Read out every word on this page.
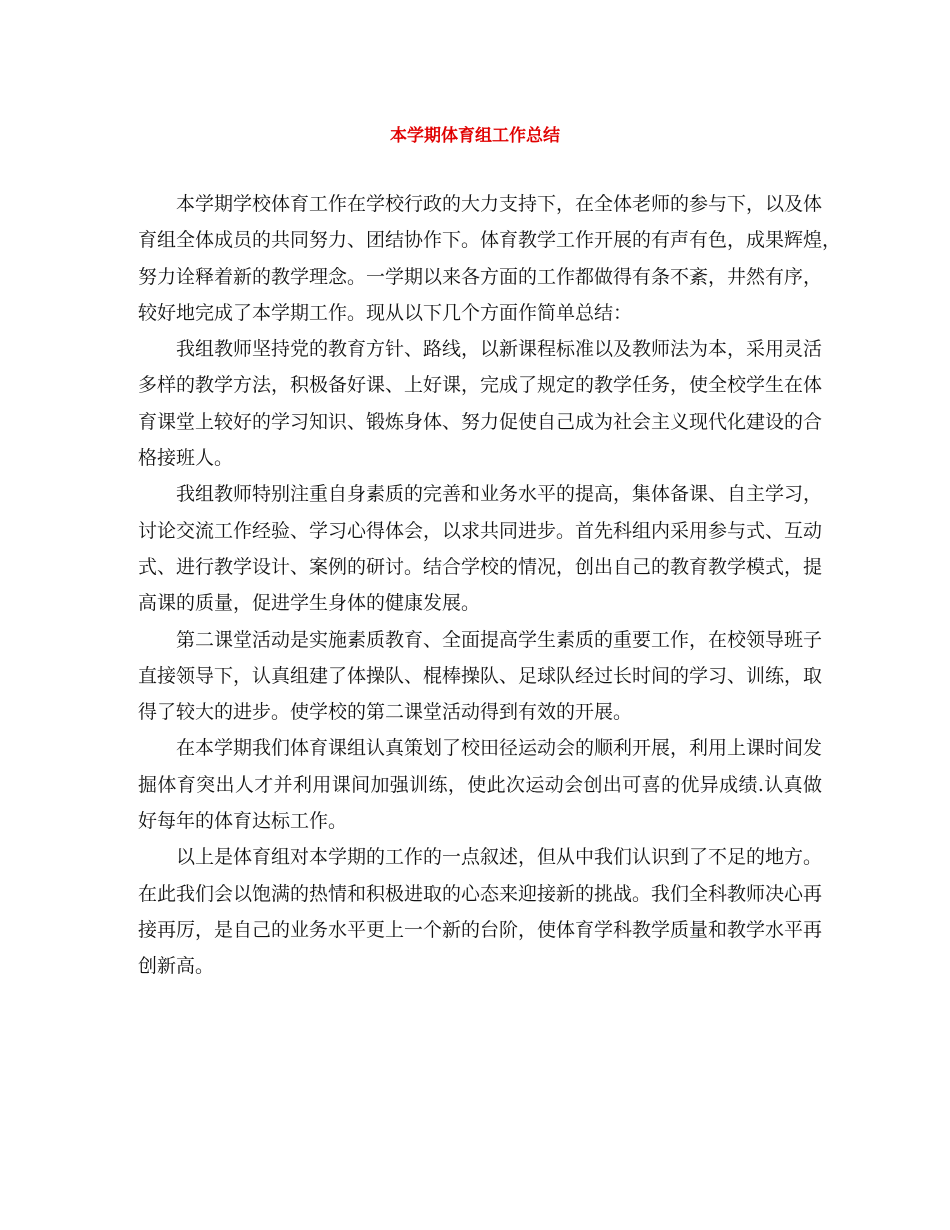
本学期体育组工作总结

本学期学校体育工作在学校行政的大力支持下，在全体老师的参与下，以及体
育组全体成员的共同努力、团结协作下。体育教学工作开展的有声有色，成果辉煌，
努力诠释着新的教学理念。一学期以来各方面的工作都做得有条不紊，井然有序，
较好地完成了本学期工作。现从以下几个方面作简单总结：

我组教师坚持党的教育方针、路线，以新课程标准以及教师法为本，采用灵活
多样的教学方法，积极备好课、上好课，完成了规定的教学任务，使全校学生在体
育课堂上较好的学习知识、锻炼身体、努力促使自己成为社会主义现代化建设的合
格接班人。

我组教师特别注重自身素质的完善和业务水平的提高，集体备课、自主学习，
讨论交流工作经验、学习心得体会，以求共同进步。首先科组内采用参与式、互动
式、进行教学设计、案例的研讨。结合学校的情况，创出自己的教育教学模式，提
高课的质量，促进学生身体的健康发展。

第二课堂活动是实施素质教育、全面提高学生素质的重要工作，在校领导班子
直接领导下，认真组建了体操队、棍棒操队、足球队经过长时间的学习、训练，取
得了较大的进步。使学校的第二课堂活动得到有效的开展。

在本学期我们体育课组认真策划了校田径运动会的顺利开展，利用上课时间发
掘体育突出人才并利用课间加强训练，使此次运动会创出可喜的优异成绩.认真做
好每年的体育达标工作。

以上是体育组对本学期的工作的一点叙述，但从中我们认识到了不足的地方。
在此我们会以饱满的热情和积极进取的心态来迎接新的挑战。我们全科教师决心再
接再厉，是自己的业务水平更上一个新的台阶，使体育学科教学质量和教学水平再
创新高。
